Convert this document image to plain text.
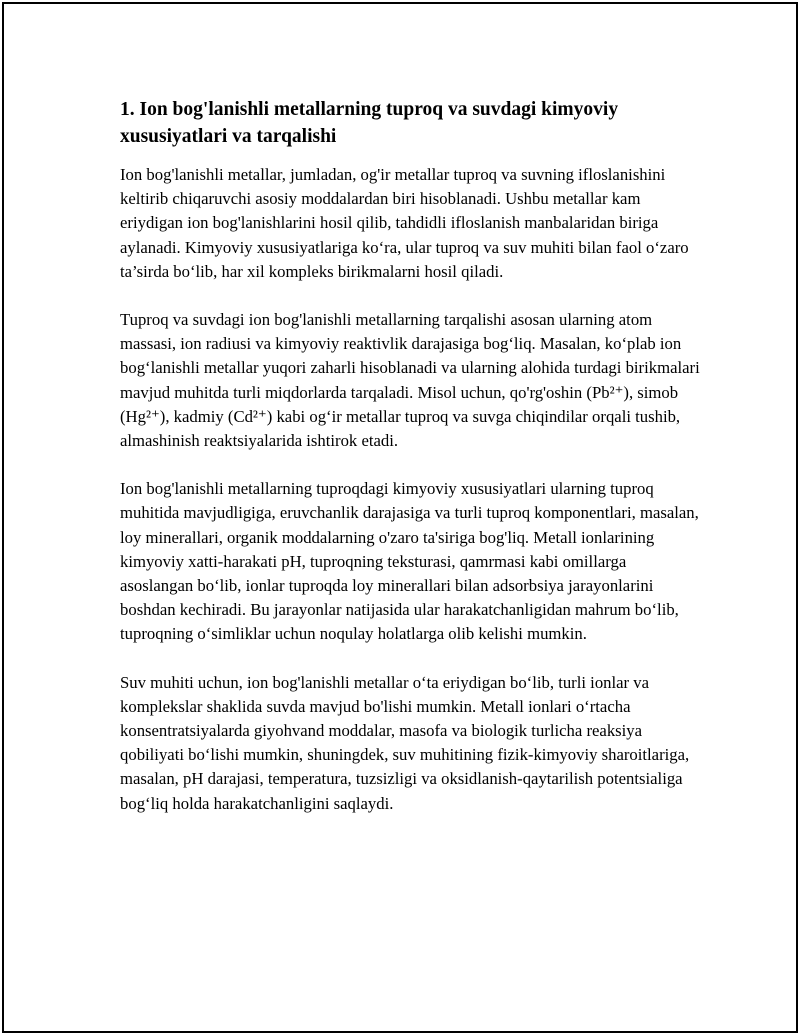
1. Ion bog'lanishli metallarning tuproq va suvdagi kimyoviy xususiyatlari va tarqalishi

Ion bog'lanishli metallar, jumladan, og'ir metallar tuproq va suvning ifloslanishini keltirib chiqaruvchi asosiy moddalardan biri hisoblanadi. Ushbu metallar kam eriydigan ion bog'lanishlarini hosil qilib, tahdidli ifloslanish manbalaridan biriga aylanadi. Kimyoviy xususiyatlariga ko‘ra, ular tuproq va suv muhiti bilan faol o‘zaro ta’sirda bo‘lib, har xil kompleks birikmalarni hosil qiladi.

Tuproq va suvdagi ion bog'lanishli metallarning tarqalishi asosan ularning atom massasi, ion radiusi va kimyoviy reaktivlik darajasiga bog‘liq. Masalan, ko‘plab ion bog‘lanishli metallar yuqori zaharli hisoblanadi va ularning alohida turdagi birikmalari mavjud muhitda turli miqdorlarda tarqaladi. Misol uchun, qo'rg'oshin (Pb²⁺), simob (Hg²⁺), kadmiy (Cd²⁺) kabi og‘ir metallar tuproq va suvga chiqindilar orqali tushib, almashinish reaktsiyalarida ishtirok etadi.

Ion bog'lanishli metallarning tuproqdagi kimyoviy xususiyatlari ularning tuproq muhitida mavjudligiga, eruvchanlik darajasiga va turli tuproq komponentlari, masalan, loy minerallari, organik moddalarning o'zaro ta'siriga bog'liq. Metall ionlarining kimyoviy xatti-harakati pH, tuproqning teksturasi, qamrmasi kabi omillarga asoslangan bo‘lib, ionlar tuproqda loy minerallari bilan adsorbsiya jarayonlarini boshdan kechiradi. Bu jarayonlar natijasida ular harakatchanligidan mahrum bo‘lib, tuproqning o‘simliklar uchun noqulay holatlarga olib kelishi mumkin.

Suv muhiti uchun, ion bog'lanishli metallar o‘ta eriydigan bo‘lib, turli ionlar va komplekslar shaklida suvda mavjud bo'lishi mumkin. Metall ionlari o‘rtacha konsentratsiyalarda giyohvand moddalar, masofa va biologik turlicha reaksiya qobiliyati bo‘lishi mumkin, shuningdek, suv muhitining fizik-kimyoviy sharoitlariga, masalan, pH darajasi, temperatura, tuzsizligi va oksidlanish-qaytarilish potentsialiga bog‘liq holda harakatchanligini saqlaydi.
